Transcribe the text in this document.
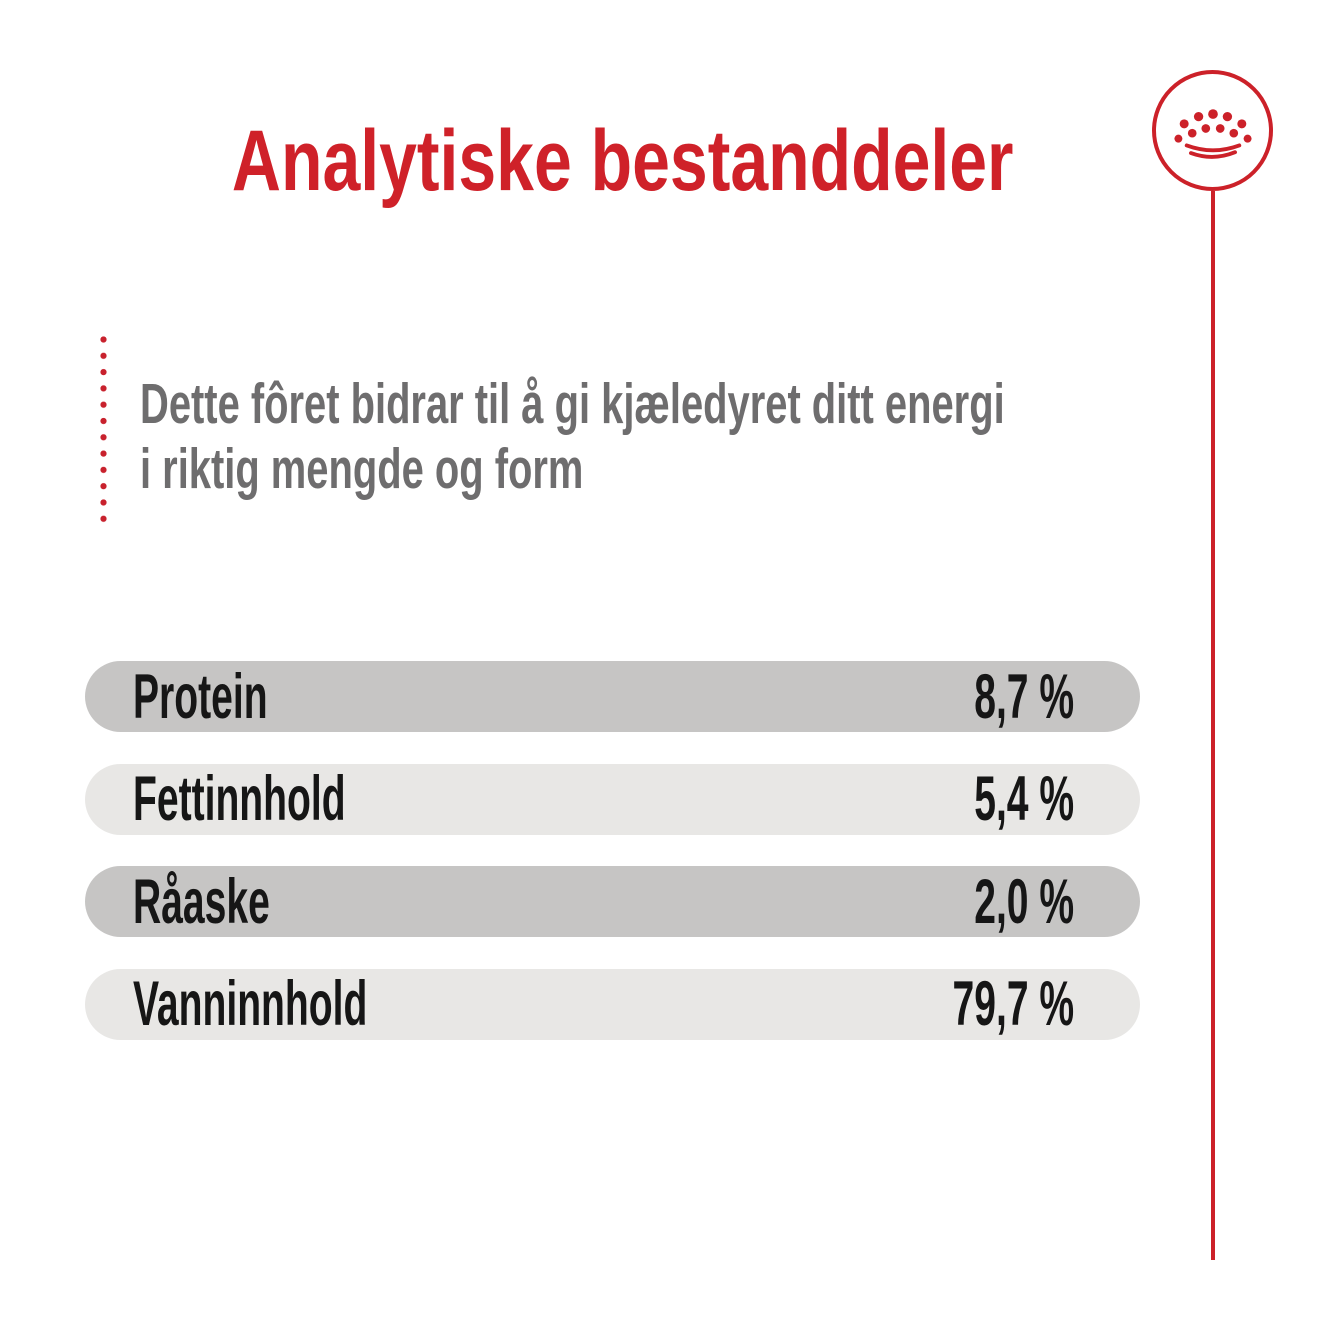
Analytiske bestanddeler
Dette fôret bidrar til å gi kjæledyret ditt energi
i riktig mengde og form
Protein	8,7 %
Fettinnhold	5,4 %
Råaske	2,0 %
Vanninnhold	79,7 %
